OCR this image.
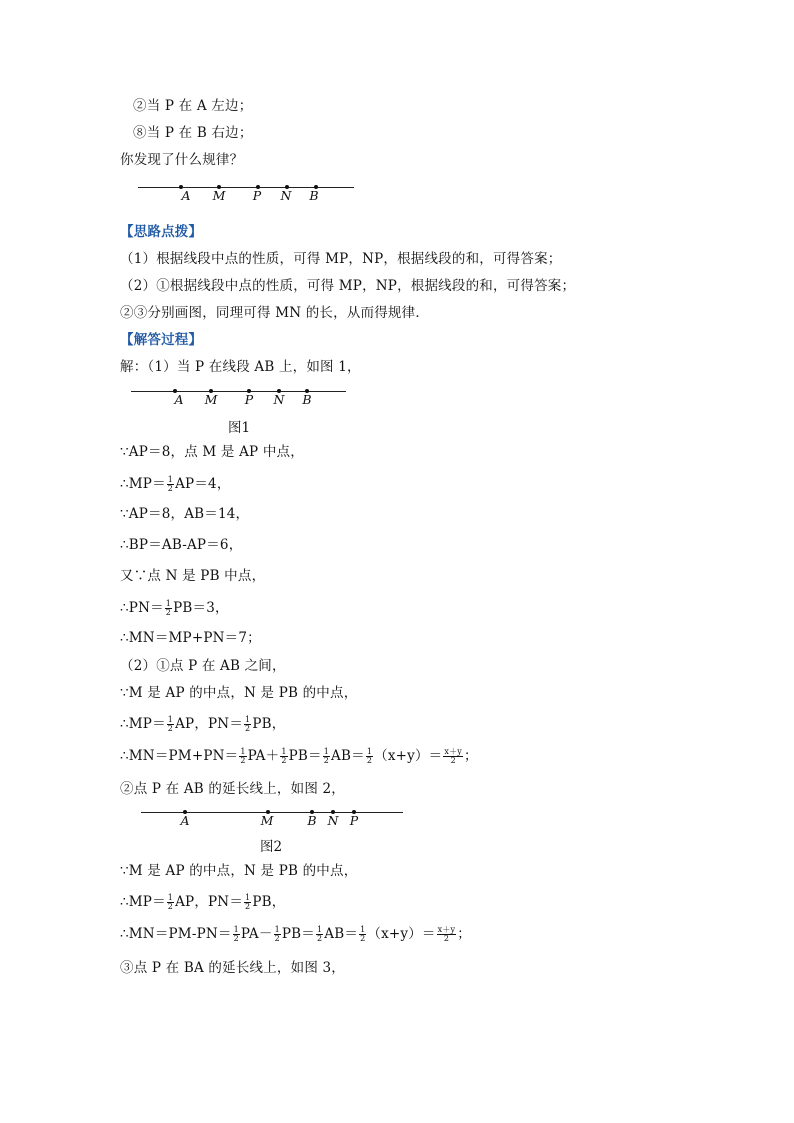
②当 P 在 A 左边；
⑧当 P 在 B 右边；
你发现了什么规律？
A M P N B
【思路点拨】
（1）根据线段中点的性质，可得 MP，NP，根据线段的和，可得答案；
（2）①根据线段中点的性质，可得 MP，NP，根据线段的和，可得答案；
②③分别画图，同理可得 MN 的长，从而得规律．
【解答过程】
解：（1）当 P 在线段 AB 上，如图 1，
A M P N B
图1
∵AP＝8，点 M 是 AP 中点，
∴MP＝ $\frac{1}{2} AP=4$，
∵AP＝8，AB＝14，
∴BP＝AB-AP＝6，
又∵点 N 是 PB 中点，
∴PN＝ $\frac{1}{2} PB=3$，
∴MN＝MP+PN＝7；
（2）①点 P 在 AB 之间，
∵M 是 AP 的中点，N 是 PB 的中点，
∴MP＝ $\frac{1}{2}$ AP，$PN= \frac{1}{2}$ PB，
∴MN＝PM+PN＝ $\frac{1}{2} PA+ \frac{1}{2} PB= \frac{1}{2} AB= \frac{1}{2} (x+y)= \frac{x+y}{2}$ ；
②点 P 在 AB 的延长线上，如图 2，
A	M	B N P
图2
∵M 是 AP 的中点，N 是 PB 的中点，
∴MP＝ $\frac{1}{2}$ AP，$PN= \frac{1}{2}$ PB，
∴MN＝PM-PN＝ $\frac{1}{2} PA- \frac{1}{2} PB= \frac{1}{2} AB= \frac{1}{2} (x+y)= \frac{x+y}{2}$ ；
③点 P 在 BA 的延长线上，如图 3，
